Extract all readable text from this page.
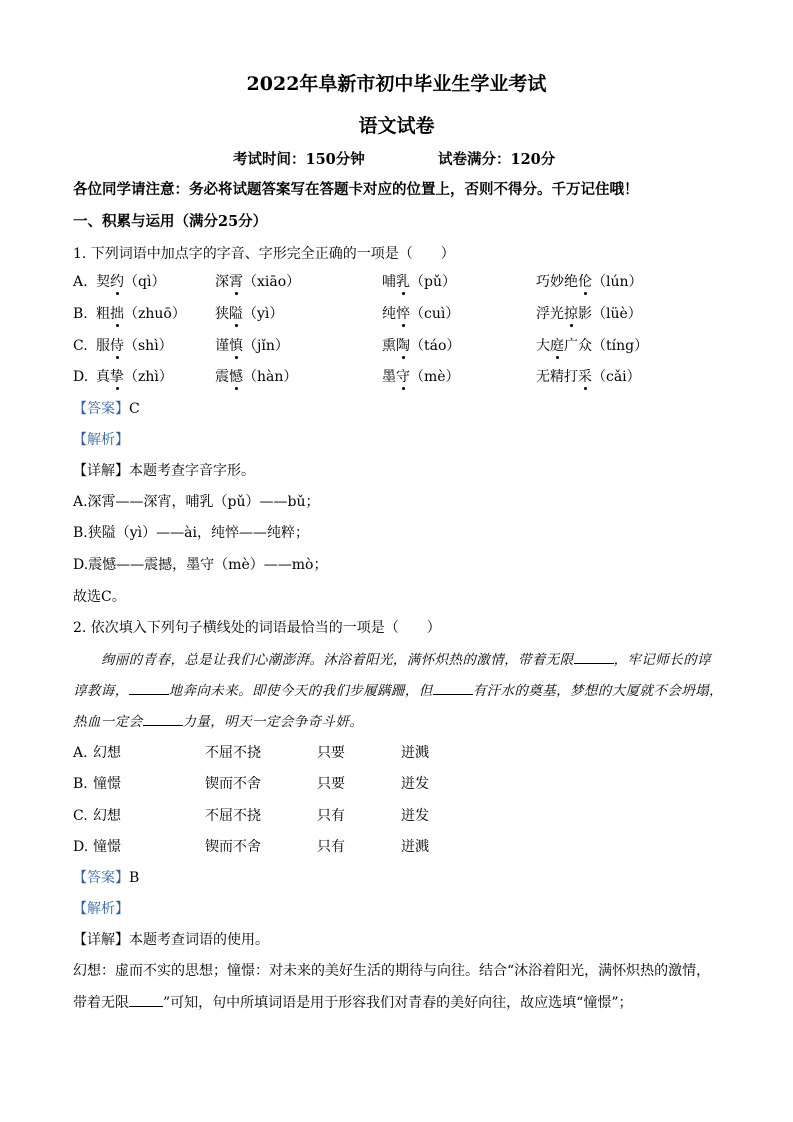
2022年阜新市初中毕业生学业考试
语文试卷
考试时间：150分钟	试卷满分：120分
各位同学请注意：务必将试题答案写在答题卡对应的位置上，否则不得分。千万记住哦！
一、积累与运用（满分25分）
1. 下列词语中加点字的字音、字形完全正确的一项是（　　）
A. 契约（qì）	深霄（xiāo）	哺乳（pǔ）	巧妙绝伦（lún）
B. 粗拙（zhuō） 狭隘（yì）	纯悴（cuì）	浮光掠影（lüè）
C. 服侍（shì）	谨慎（jǐn）	熏陶（táo）	大庭广众（tíng）
D. 真挚（zhì）	震憾（hàn）	墨守（mè）	无精打采（cǎi）
【答案】C
【解析】
【详解】本题考查字音字形。
A.深霄——深宵，哺乳（pǔ）——bǔ；
B.狭隘（yì）——ài，纯悴——纯粹；
D.震憾——震撼，墨守（mè）——mò；
故选C。
2. 依次填入下列句子横线处的词语最恰当的一项是（　　）
绚丽的青春，总是让我们心潮澎湃。沐浴着阳光，满怀炽热的激情，带着无限	，牢记师长的谆
谆教诲，	地奔向未来。即使今天的我们步履蹒跚，但	有汗水的奠基，梦想的大厦就不会坍塌，
热血一定会	力量，明天一定会争奇斗妍。
A. 幻想	不屈不挠	只要	迸溅
B. 憧憬	锲而不舍	只要	迸发
C. 幻想	不屈不挠	只有	迸发
D. 憧憬	锲而不舍	只有	迸溅
【答案】B
【解析】
【详解】本题考查词语的使用。
幻想：虚而不实的思想；憧憬：对未来的美好生活的期待与向往。结合“沐浴着阳光，满怀炽热的激情，
带着无限 ”可知，句中所填词语是用于形容我们对青春的美好向往，故应选填“憧憬”；
